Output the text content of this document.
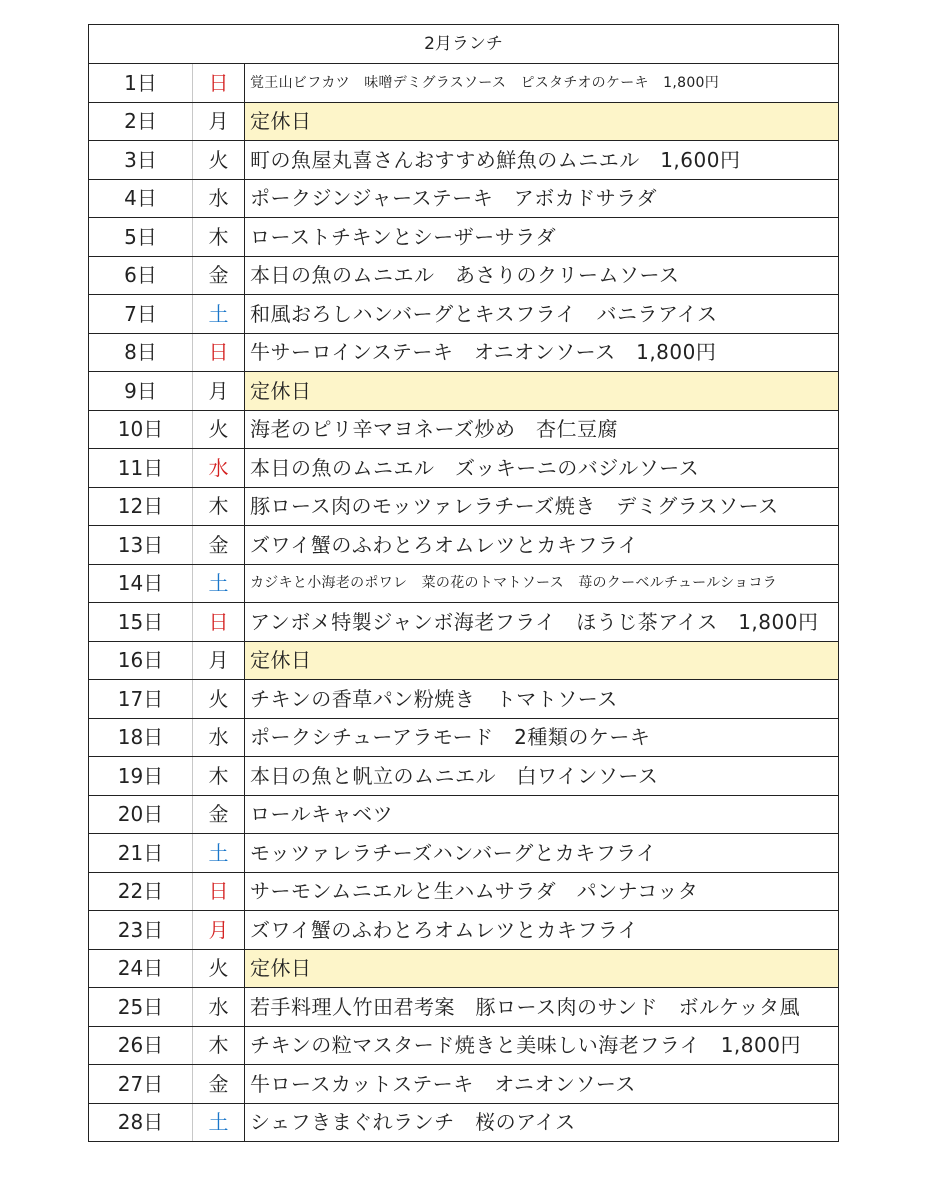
2月ランチ		
1日	日	覚王山ビフカツ　味噌デミグラスソース　ピスタチオのケーキ　1,800円
2日	月	定休日
3日	火	町の魚屋丸喜さんおすすめ鮮魚のムニエル　1,600円
4日	水	ポークジンジャーステーキ　アボカドサラダ
5日	木	ローストチキンとシーザーサラダ
6日	金	本日の魚のムニエル　あさりのクリームソース
7日	土	和風おろしハンバーグとキスフライ　バニラアイス
8日	日	牛サーロインステーキ　オニオンソース　1,800円
9日	月	定休日
10日	火	海老のピリ辛マヨネーズ炒め　杏仁豆腐
11日	水	本日の魚のムニエル　ズッキーニのバジルソース
12日	木	豚ロース肉のモッツァレラチーズ焼き　デミグラスソース
13日	金	ズワイ蟹のふわとろオムレツとカキフライ
14日	土	カジキと小海老のポワレ　菜の花のトマトソース　苺のクーベルチュールショコラ
15日	日	アンボメ特製ジャンボ海老フライ　ほうじ茶アイス　1,800円
16日	月	定休日
17日	火	チキンの香草パン粉焼き　トマトソース
18日	水	ポークシチューアラモード　2種類のケーキ
19日	木	本日の魚と帆立のムニエル　白ワインソース
20日	金	ロールキャベツ
21日	土	モッツァレラチーズハンバーグとカキフライ
22日	日	サーモンムニエルと生ハムサラダ　パンナコッタ
23日	月	ズワイ蟹のふわとろオムレツとカキフライ
24日	火	定休日
25日	水	若手料理人竹田君考案　豚ロース肉のサンド　ボルケッタ風
26日	木	チキンの粒マスタード焼きと美味しい海老フライ　1,800円
27日	金	牛ロースカットステーキ　オニオンソース
28日	土	シェフきまぐれランチ　桜のアイス
